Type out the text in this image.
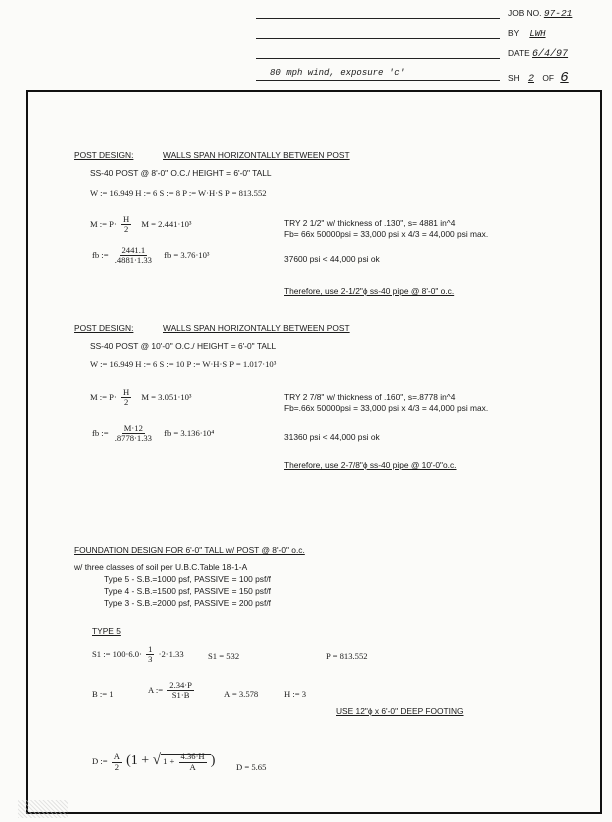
80 mph wind, exposure 'c'
JOB NO. 97-21
BY LWH
DATE 6/4/97
SH 2 OF 6
POST DESIGN:	WALLS SPAN HORIZONTALLY BETWEEN POST
SS-40 POST @ 8'-0" O.C./ HEIGHT = 6'-0" TALL
W := 16.949 H := 6 S := 8 P := W·H·S P = 813.552
M := $P\cdot \frac{H}{2}$ M = 2.441·10³	TRY 2 1/2" w/ thickness of .130", s= 4881 in^4
Fb= 66x 50000psi = 33,000 psi x 4/3 = 44,000 psi max.
fb := $\frac{2441.1}{.4881\cdot 1.33}$ fb = 3.76·10³	37600 psi < 44,000 psi ok
Therefore, use 2-1/2"ϕ ss-40 pipe @ 8'-0" o.c.
POST DESIGN:	WALLS SPAN HORIZONTALLY BETWEEN POST
SS-40 POST @ 10'-0" O.C./ HEIGHT = 6'-0" TALL
W := 16.949 H := 6 S := 10 P := W·H·S P = 1.017·10³
M := $P\cdot \frac{H}{2}$ M = 3.051·10³	TRY 2 7/8" w/ thickness of .160", s=.8778 in^4
Fb=.66x 50000psi = 33,000 psi x 4/3 = 44,000 psi max.
fb := $\frac{M\cdot 12}{.8778\cdot 1.33}$ fb = 3.136·10⁴	31360 psi < 44,000 psi ok
Therefore, use 2-7/8"ϕ ss-40 pipe @ 10'-0"o.c.
FOUNDATION DESIGN FOR 6'-0" TALL w/ POST @ 8'-0" o.c.
w/ three classes of soil per U.B.C.Table 18-1-A
Type 5 - S.B.=1000 psf, PASSIVE = 100 psf/f
Type 4 - S.B.=1500 psf, PASSIVE = 150 psf/f
Type 3 - S.B.=2000 psf, PASSIVE = 200 psf/f
TYPE 5
S1 := $100\cdot 6.0\cdot \frac{1}{3} \cdot 2\cdot 1.33$	S1 = 532	P = 813.552
B := 1	A := $\frac{2.34\cdot P}{S1\cdot B}$	A = 3.578	H := 3
USE 12"ϕ x 6'-0" DEEP FOOTING
D := $\frac{A}{2} (1$ + √ $1 + \frac{4.36\cdot H}{A}$ ) D = 5.65
